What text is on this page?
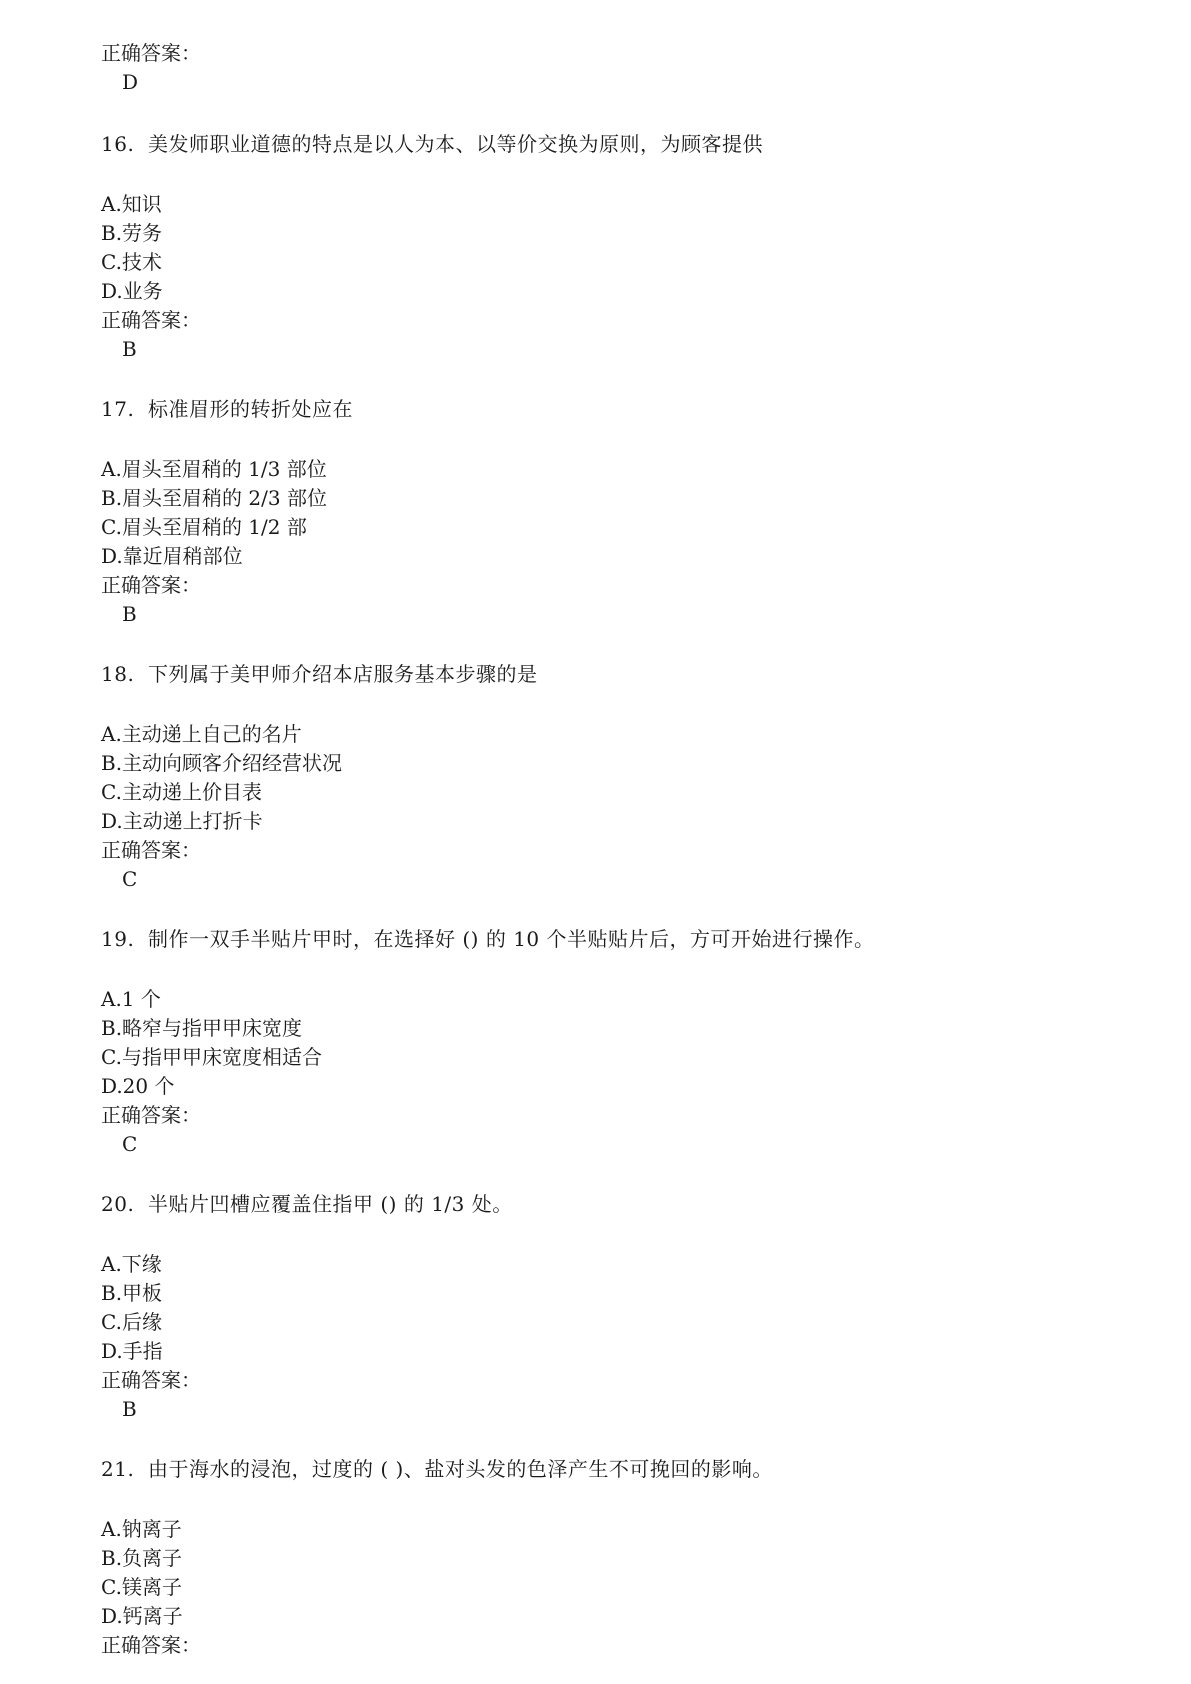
正确答案：
D
16.  美发师职业道德的特点是以人为本、以等价交换为原则，为顾客提供
A.知识
B.劳务
C.技术
D.业务
正确答案：
B
17.  标准眉形的转折处应在
A.眉头至眉稍的 1/3 部位
B.眉头至眉稍的 2/3 部位
C.眉头至眉稍的 1/2 部
D.靠近眉稍部位
正确答案：
B
18.  下列属于美甲师介绍本店服务基本步骤的是
A.主动递上自己的名片
B.主动向顾客介绍经营状况
C.主动递上价目表
D.主动递上打折卡
正确答案：
C
19.  制作一双手半贴片甲时，在选择好 () 的 10 个半贴贴片后，方可开始进行操作。
A.1 个
B.略窄与指甲甲床宽度
C.与指甲甲床宽度相适合
D.20 个
正确答案：
C
20.  半贴片凹槽应覆盖住指甲 () 的 1/3 处。
A.下缘
B.甲板
C.后缘
D.手指
正确答案：
B
21.  由于海水的浸泡，过度的 ( )、盐对头发的色泽产生不可挽回的影响。
A.钠离子
B.负离子
C.镁离子
D.钙离子
正确答案：
